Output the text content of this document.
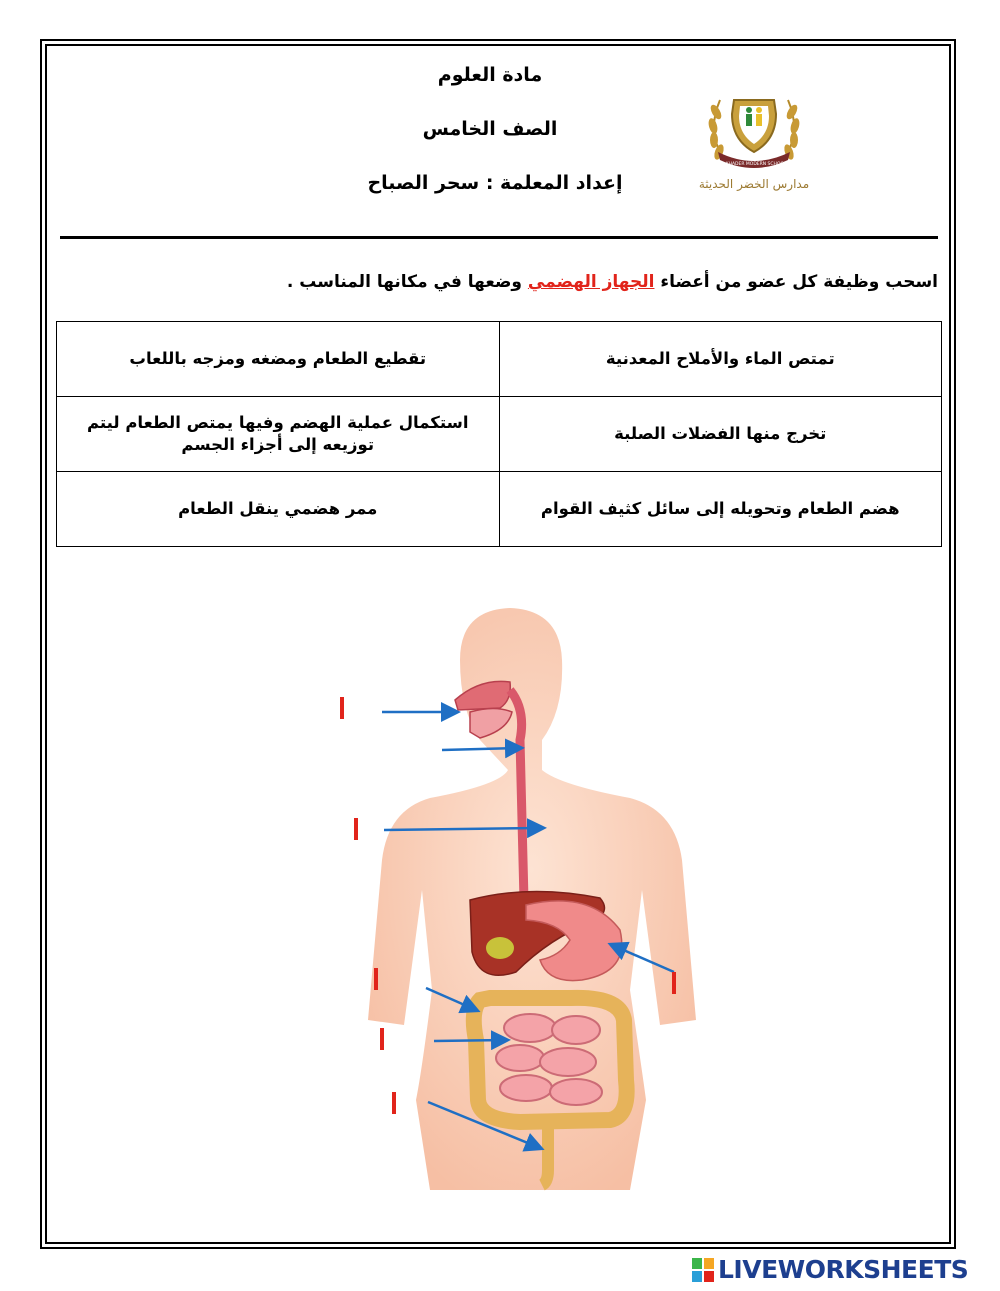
مادة العلوم
الصف الخامس
إعداد المعلمة : سحر الصباح
AL KHADER MODERN SCHOOLS
مدارس الخضر الحديثة
اسحب وظيفة كل عضو من أعضاء الجهاز الهضمي وضعها في مكانها المناسب .
تمتص الماء والأملاح المعدنية	تقطيع الطعام ومضغه ومزجه باللعاب
تخرج منها الفضلات الصلبة	استكمال عملية الهضم وفيها يمتص الطعام ليتم توزيعه إلى أجزاء الجسم
هضم الطعام وتحويله إلى سائل كثيف القوام	ممر هضمي ينقل الطعام
LIVEWORKSHEETS
